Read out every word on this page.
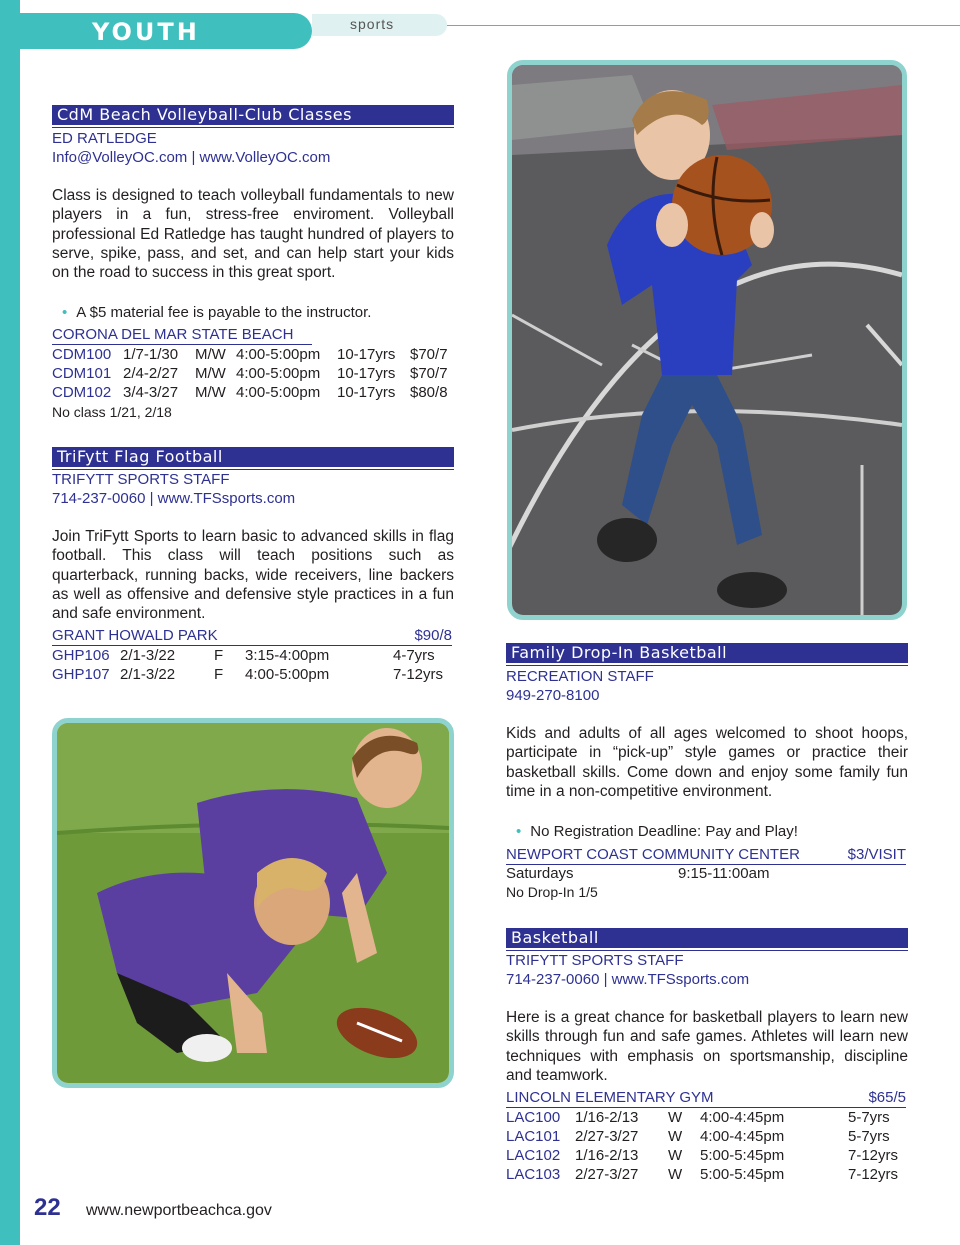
YOUTH	sports
CdM Beach Volleyball-Club Classes
ED RATLEDGE
Info@VolleyOC.com | www.VolleyOC.com
Class is designed to teach volleyball fundamentals to new players in a fun, stress-free enviroment. Volleyball professional Ed Ratledge has taught hundred of players to serve, spike, pass, and set, and can help start your kids on the road to success in this great sport.
• A $5 material fee is payable to the instructor.
CORONA DEL MAR STATE BEACH
CDM100 1/7-1/30 M/W 4:00-5:00pm 10-17yrs $70/7
CDM101 2/4-2/27 M/W 4:00-5:00pm 10-17yrs $70/7
CDM102 3/4-3/27 M/W 4:00-5:00pm 10-17yrs $80/8
No class 1/21, 2/18
TriFytt Flag Football
TRIFYTT SPORTS STAFF
714-237-0060 | www.TFSsports.com
Join TriFytt Sports to learn basic to advanced skills in flag football. This class will teach positions such as quarterback, running backs, wide receivers, line backers as well as offensive and defensive style practices in a fun and safe environment.
GRANT HOWALD PARK	$90/8
GHP106 2/1-3/22	F 3:15-4:00pm	4-7yrs
GHP107 2/1-3/22	F 4:00-5:00pm	7-12yrs
Family Drop-In Basketball
RECREATION STAFF
949-270-8100
Kids and adults of all ages welcomed to shoot hoops, participate in “pick-up” style games or practice their basketball skills. Come down and enjoy some family fun time in a non-competitive environment.
• No Registration Deadline: Pay and Play!
NEWPORT COAST COMMUNITY CENTER	$3/VISIT
Saturdays	9:15-11:00am
No Drop-In 1/5
Basketball
TRIFYTT SPORTS STAFF
714-237-0060 | www.TFSsports.com
Here is a great chance for basketball players to learn new skills through fun and safe games. Athletes will learn new techniques with emphasis on sportsmanship, discipline and teamwork.
LINCOLN ELEMENTARY GYM	$65/5
LAC100 1/16-2/13 W 4:00-4:45pm	5-7yrs
LAC101 2/27-3/27 W 4:00-4:45pm	5-7yrs
LAC102 1/16-2/13 W 5:00-5:45pm	7-12yrs
LAC103 2/27-3/27 W 5:00-5:45pm	7-12yrs
22 www.newportbeachca.gov
